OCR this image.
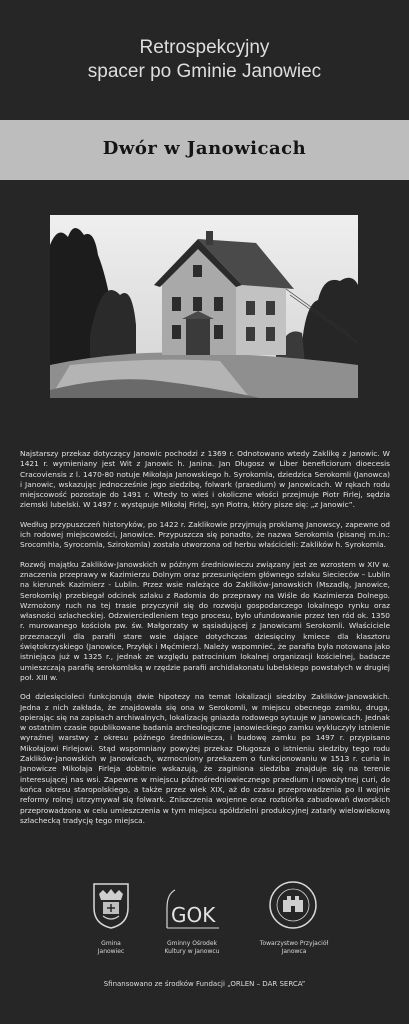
Retrospekcyjny
spacer po Gminie Janowiec
Dwór w Janowicach

Najstarszy przekaz dotyczący Janowic pochodzi z 1369 r. Odnotowano wtedy Zaklikę z Janowic. W 1421 r. wymieniany jest Wit z Janowic h. Janina. Jan Długosz w Liber beneficiorum dioecesis Cracoviensis z l. 1470-80 notuje Mikołaja Janowskiego h. Syrokomla, dziedzica Serokomli (Janowca) i Janowic, wskazując jednocześnie jego siedzibę, folwark (praedium) w Janowicach. W rękach rodu miejscowość pozostaje do 1491 r. Wtedy to wieś i okoliczne włości przejmuje Piotr Firlej, sędzia ziemski lubelski. W 1497 r. występuje Mikołaj Firlej, syn Piotra, który pisze się: „z Janowic”.

Według przypuszczeń historyków, po 1422 r. Zaklikowie przyjmują proklamę Janowscy, zapewne od ich rodowej miejscowości, Janowice. Przypuszcza się ponadto, że nazwa Serokomla (pisanej m.in.: Srocomhla, Syrocomla, Szirokomla) została utworzona od herbu właścicieli: Zaklików h. Syrokomla.

Rozwój majątku Zaklików-Janowskich w późnym średniowieczu związany jest ze wzrostem w XIV w. znaczenia przeprawy w Kazimierzu Dolnym oraz przesunięciem głównego szlaku Siecieców – Lublin na kierunek Kazimierz - Lublin. Przez wsie należące do Zaklików-Janowskich (Mszadlę, Janowice, Serokomlę) przebiegał odcinek szlaku z Radomia do przeprawy na Wiśle do Kazimierza Dolnego. Wzmożony ruch na tej trasie przyczynił się do rozwoju gospodarczego lokalnego rynku oraz własności szlacheckiej. Odzwierciedleniem tego procesu, było ufundowanie przez ten ród ok. 1350 r. murowanego kościoła pw. św. Małgorzaty w sąsiadującej z Janowicami Serokomli. Właściciele przeznaczyli dla parafii stare wsie dające dotychczas dziesięciny kmiece dla klasztoru świętokrzyskiego (Janowice, Przyłęk i Męćmierz). Należy wspomnieć, że parafia była notowana jako istniejąca już w 1325 r., jednak ze względu patrocinium lokalnej organizacji kościelnej, badacze umieszczają parafię serokomlską w rzędzie parafii archidiakonatu lubelskiego powstałych w drugiej poł. XIII w.

Od dziesięcioleci funkcjonują dwie hipotezy na temat lokalizacji siedziby Zaklików-Janowskich. Jedna z nich zakłada, że znajdowała się ona w Serokomli, w miejscu obecnego zamku, druga, opierając się na zapisach archiwalnych, lokalizację gniazda rodowego sytuuje w Janowicach. Jednak w ostatnim czasie opublikowane badania archeologiczne janowieckiego zamku wykluczyły istnienie wyraźnej warstwy z okresu późnego średniowiecza, i budowę zamku po 1497 r. przypisano Mikołajowi Firlejowi. Stąd wspomniany powyżej przekaz Długosza o istnieniu siedziby tego rodu Zaklików-Janowskich w Janowicach, wzmocniony przekazem o funkcjonowaniu w 1513 r. curia in Janowicze Mikołaja Firleja dobitnie wskazują, że zaginiona siedziba znajduje się na terenie interesującej nas wsi. Zapewne w miejscu późnośredniowiecznego praedium i nowożytnej curi, do końca okresu staropolskiego, a także przez wiek XIX, aż do czasu przeprowadzenia po II wojnie reformy rolnej utrzymywał się folwark. Zniszczenia wojenne oraz rozbiórka zabudowań dworskich przeprowadzona w celu umieszczenia w tym miejscu spółdzielni produkcyjnej zatarły wielowiekową szlachecką tradycję tego miejsca.

Gmina
Janowiec
GOK
Gminny Ośrodek
Kultury w Janowcu
Towarzystwo Przyjaciół
Janowca
Sfinansowano ze środków Fundacji „ORLEN – DAR SERCA”
